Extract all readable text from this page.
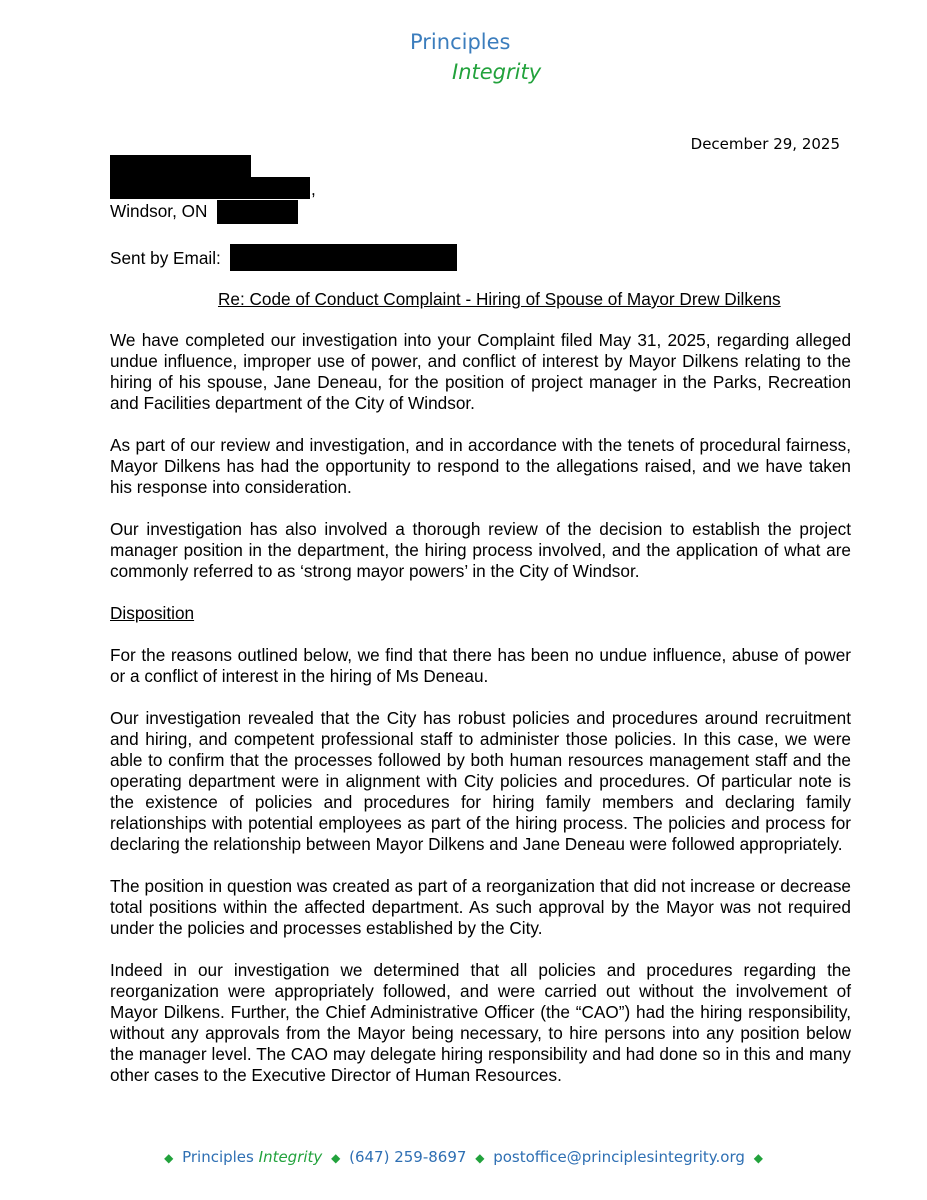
Principles
Integrity
December 29, 2025
,
Windsor, ON
Sent by Email:
Re: Code of Conduct Complaint - Hiring of Spouse of Mayor Drew Dilkens

We have completed our investigation into your Complaint filed May 31, 2025, regarding alleged undue influence, improper use of power, and conflict of interest by Mayor Dilkens relating to the hiring of his spouse, Jane Deneau, for the position of project manager in the Parks, Recreation and Facilities department of the City of Windsor.

As part of our review and investigation, and in accordance with the tenets of procedural fairness, Mayor Dilkens has had the opportunity to respond to the allegations raised, and we have taken his response into consideration.

Our investigation has also involved a thorough review of the decision to establish the project manager position in the department, the hiring process involved, and the application of what are commonly referred to as ‘strong mayor powers’ in the City of Windsor.

Disposition

For the reasons outlined below, we find that there has been no undue influence, abuse of power or a conflict of interest in the hiring of Ms Deneau.

Our investigation revealed that the City has robust policies and procedures around recruitment and hiring, and competent professional staff to administer those policies. In this case, we were able to confirm that the processes followed by both human resources management staff and the operating department were in alignment with City policies and procedures. Of particular note is the existence of policies and procedures for hiring family members and declaring family relationships with potential employees as part of the hiring process. The policies and process for declaring the relationship between Mayor Dilkens and Jane Deneau were followed appropriately.

The position in question was created as part of a reorganization that did not increase or decrease total positions within the affected department. As such approval by the Mayor was not required under the policies and processes established by the City.

Indeed in our investigation we determined that all policies and procedures regarding the reorganization were appropriately followed, and were carried out without the involvement of Mayor Dilkens. Further, the Chief Administrative Officer (the “CAO”) had the hiring responsibility, without any approvals from the Mayor being necessary, to hire persons into any position below the manager level. The CAO may delegate hiring responsibility and had done so in this and many other cases to the Executive Director of Human Resources.

◆ Principles Integrity ◆ (647) 259-8697 ◆ postoffice@principlesintegrity.org ◆
